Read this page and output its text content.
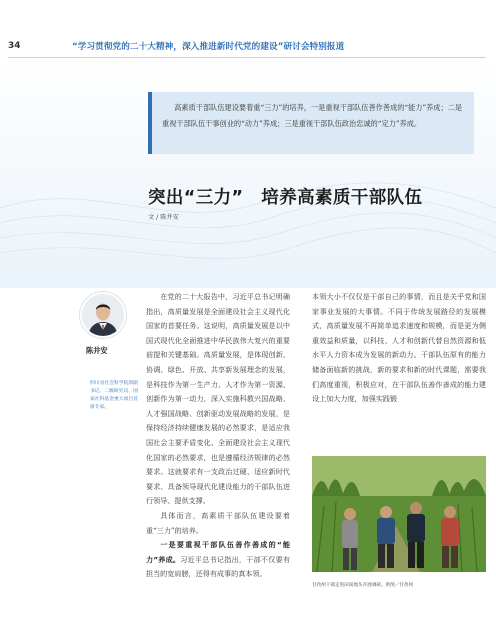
34	“学习贯彻党的二十大精神，深入推进新时代党的建设”研讨会特别报道
高素质干部队伍建设要着重“三力”的培养，一是重视干部队伍善作善成的“能力”养成；二是重视干部队伍干事创业的“动力”养成；三是重视干部队伍政治忠诚的“定力”养成。
突出“三力”　培养高素质干部队伍
文 / 陈井安
陈井安
四川省社会科学院原副书记、二级研究员、国家社科基金重大项目首席专家。

在党的二十大报告中，习近平总书记明确指出，高质量发展是全面建设社会主义现代化国家的首要任务。这说明，高质量发展是以中国式现代化全面推进中华民族伟大复兴的重要前提和关键基础。高质量发展，是体现创新、协调、绿色、开放、共享新发展理念的发展，是科技作为第一生产力、人才作为第一资源、创新作为第一动力，深入实施科教兴国战略、人才强国战略、创新驱动发展战略的发展，是保持经济持续健康发展的必然要求，是适应我国社会主要矛盾变化、全面建设社会主义现代化国家的必然要求，也是遵循经济规律的必然要求。这就要求有一支政治过硬、适应新时代要求、具备领导现代化建设能力的干部队伍进行领导、提供支撑。

具体而言，高素质干部队伍建设要着重“三力”的培养。

一是要重视干部队伍善作善成的“能力”养成。习近平总书记指出，干部不仅要有担当的宽肩膀，还得有成事的真本领。

本领大小不仅仅是干部自己的事情，而且是关乎党和国家事业发展的大事情。不同于传统发展路径的发展模式，高质量发展不再简单追求速度和规模，而是更为侧重效益和质量，以科技、人才和创新代替自然资源和低水平人力资本成为发展的新动力。干部队伍原有的能力储备面临新的挑战，新的要求和新的时代课题，需要我们高度重视，积极应对，在干部队伍善作善成的能力建设上加大力度，加强实践锻

甘孜州干部走进田间地头开展调研。供图／甘孜州
